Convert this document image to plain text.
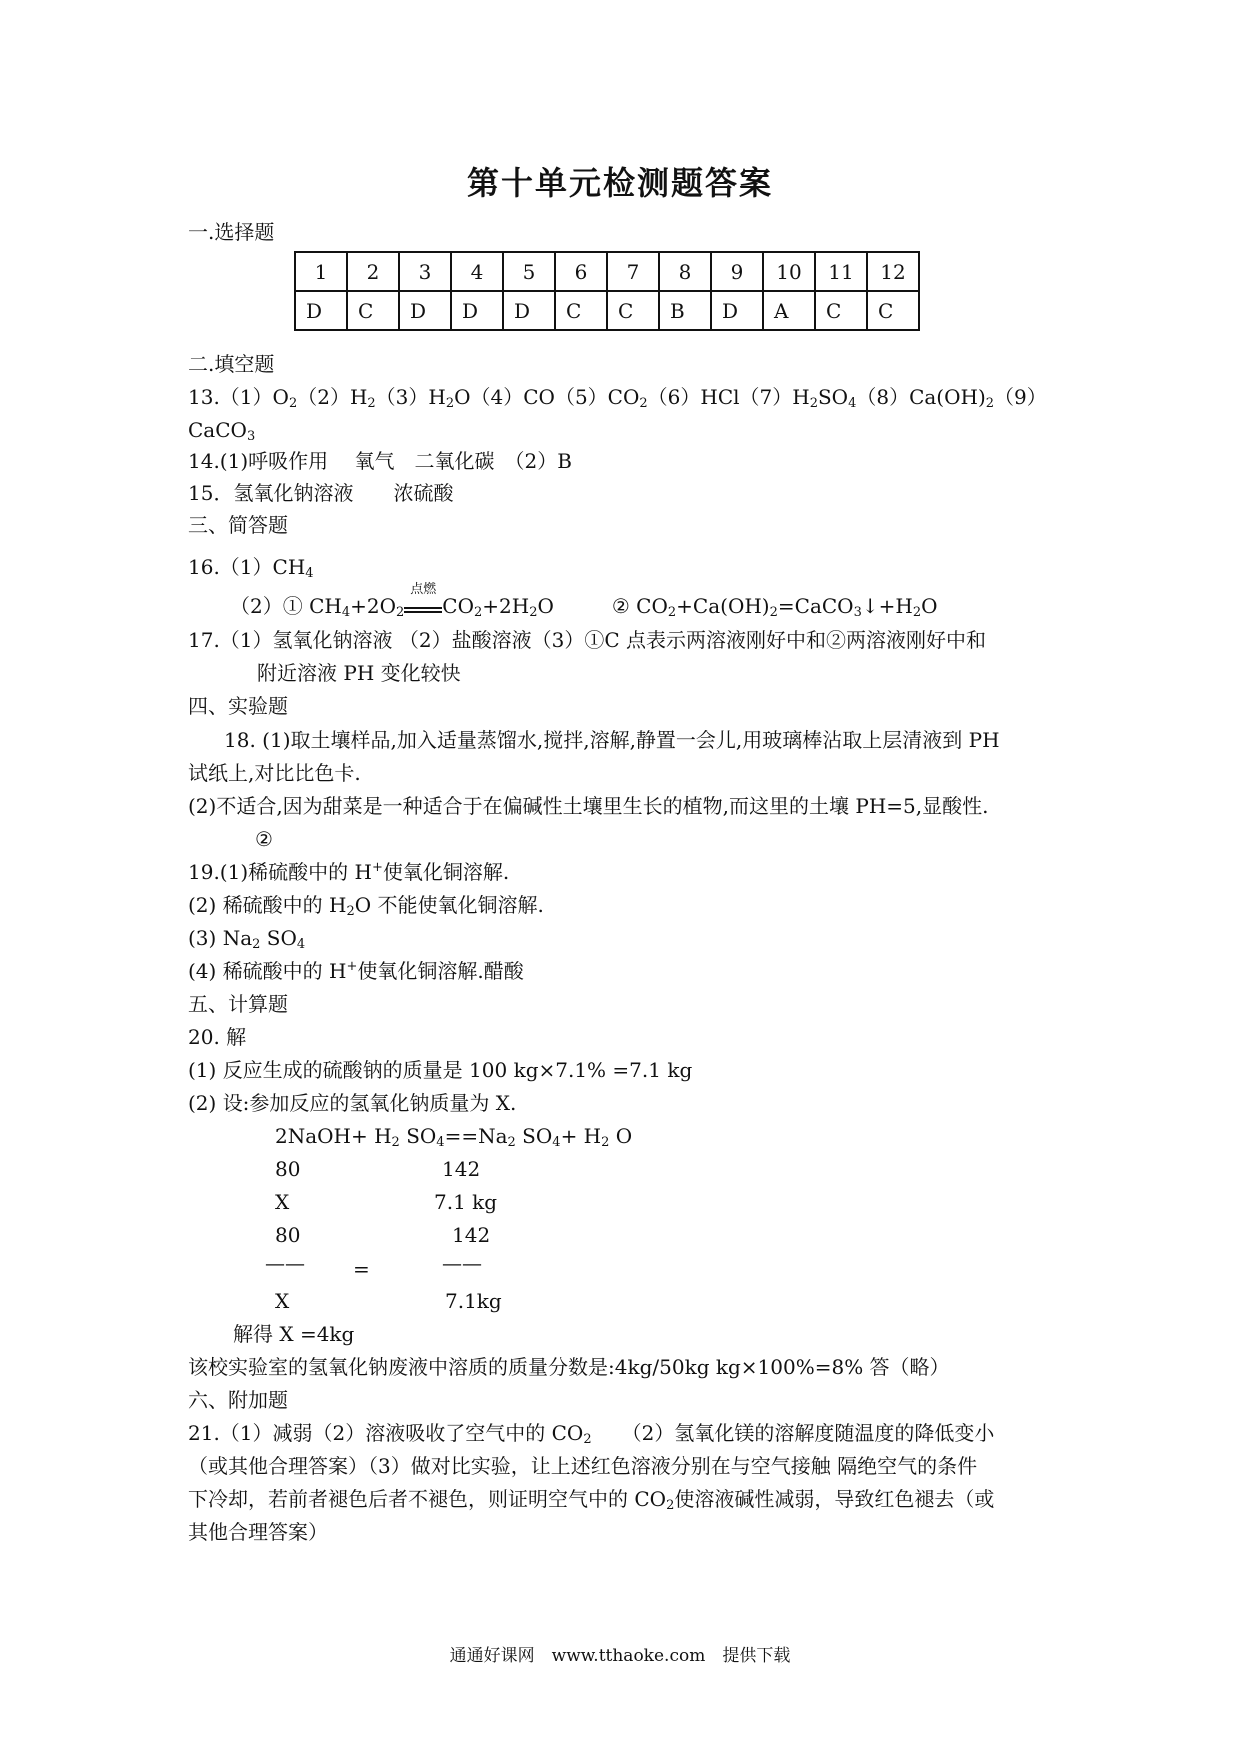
第十单元检测题答案
一.选择题
1	2	3	4	5	6	7	8	9	10	11	12
D	C	D	D	D	C	C	B	D	A	C	C
二.填空题
$13.(1)O_2(2)H_2(3)H_2O(4)CO(5)CO_2(6)HCl(7)H_2SO_4(8)Ca(OH)_2(9)$
CaCO$_3$
14.(1)呼吸作用　 氧气　二氧化碳　（2）B
15．氢氧化钠溶液　　浓硫酸
三、简答题
$16.(1)CH_4$
（2）① $CH_4+2O_2$
点燃
$CO_2+2H_2O$	② $CO_2+Ca(OH)_2=CaCO_3↓+H_2O$
17.（1）氢氧化钠溶液 （2）盐酸溶液（3）①C 点表示两溶液刚好中和②两溶液刚好中和
附近溶液 PH 变化较快
四、实验题
18. (1)取土壤样品,加入适量蒸馏水,搅拌,溶解,静置一会儿,用玻璃棒沾取上层清液到 PH
试纸上,对比比色卡.
(2)不适合,因为甜菜是一种适合于在偏碱性土壤里生长的植物,而这里的土壤 PH=5,显酸性.
②
19.(1)稀硫酸中的 H+使氧化铜溶解.
(2) 稀硫酸中的 $H_2O$ 不能使氧化铜溶解.
(3) $Na_2$ $SO_4$
(4) 稀硫酸中的 H+使氧化铜溶解.醋酸
五、计算题
20. 解
(1) 反应生成的硫酸钠的质量是 100 kg×7.1% =7.1 kg
(2) 设:参加反应的氢氧化钠质量为 X.
2NaOH+ $H_2$ $SO_4==Na_2$ $SO_4+ H_2$ O
80	142
X	7.1 kg
80	142
—— =	——
X	7.1kg
解得 X =4kg
该校实验室的氢氧化钠废液中溶质的质量分数是:4kg/50kg kg×100%=8% 答（略）
六、附加题
21.（1）减弱（2）溶液吸收了空气中的 $CO_2$　　（2）氢氧化镁的溶解度随温度的降低变小
（或其他合理答案）（3）做对比实验，让上述红色溶液分别在与空气接触 隔绝空气的条件
下冷却，若前者褪色后者不褪色，则证明空气中的 $CO_2$使溶液碱性减弱，导致红色褪去（或
其他合理答案）
通通好课网　www.tthaoke.com　提供下载
